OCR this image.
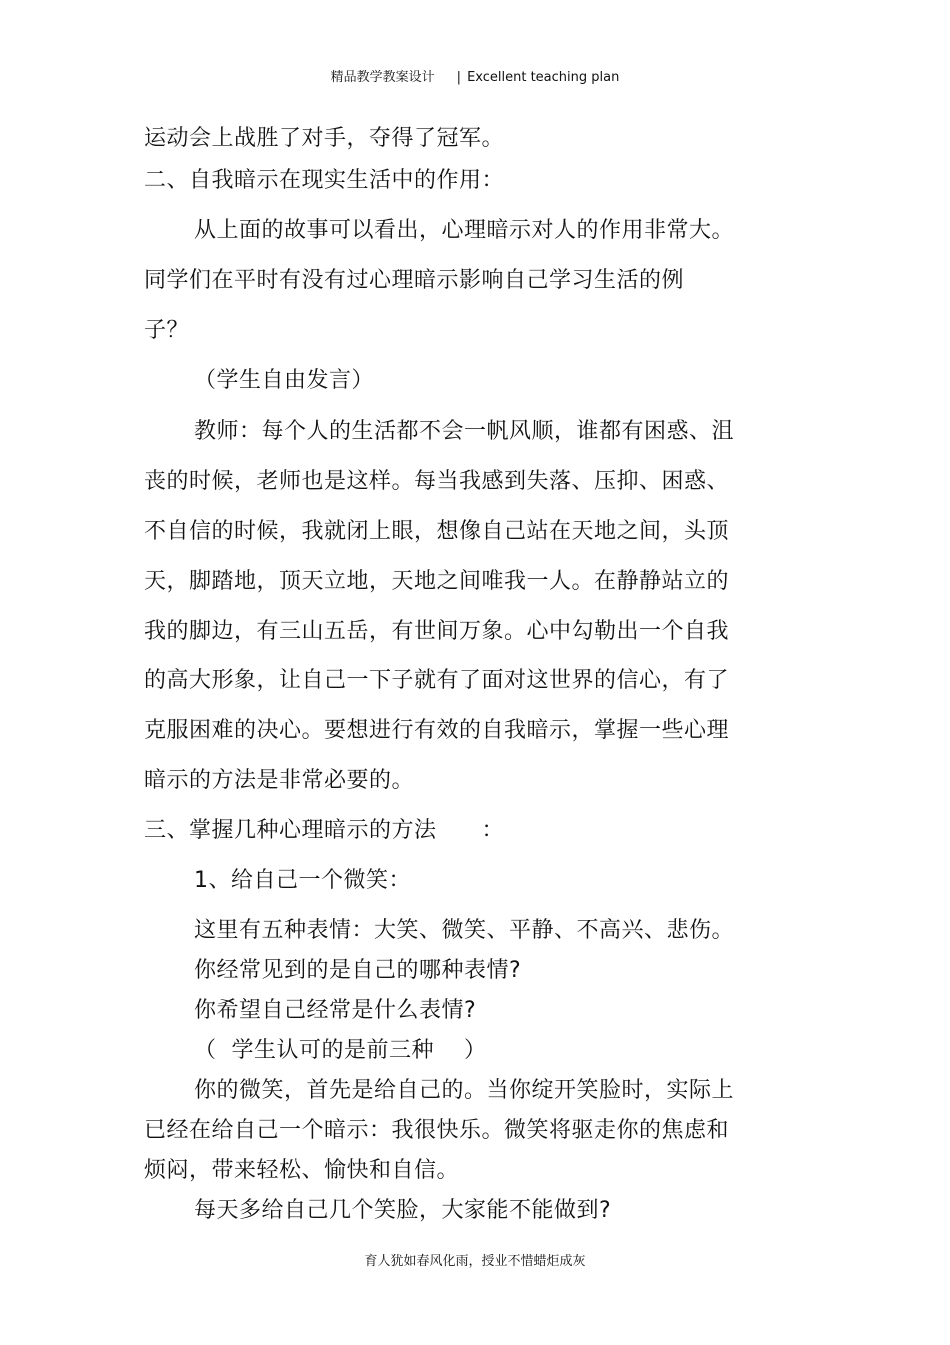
精品教学教案设计 | Excellent teaching plan
运动会上战胜了对手，夺得了冠军。
二、自我暗示在现实生活中的作用：
从上面的故事可以看出，心理暗示对人的作用非常大。
同学们在平时有没有过心理暗示影响自己学习生活的例
子？
（学生自由发言）
教师：每个人的生活都不会一帆风顺，谁都有困惑、沮
丧的时候，老师也是这样。每当我感到失落、压抑、困惑、
不自信的时候，我就闭上眼，想像自己站在天地之间，头顶
天，脚踏地，顶天立地，天地之间唯我一人。在静静站立的
我的脚边，有三山五岳，有世间万象。心中勾勒出一个自我
的高大形象，让自己一下子就有了面对这世界的信心，有了
克服困难的决心。要想进行有效的自我暗示，掌握一些心理
暗示的方法是非常必要的。
三、掌握几种心理暗示的方法      ：
1、给自己一个微笑：
这里有五种表情：大笑、微笑、平静、不高兴、悲伤。
你经常见到的是自己的哪种表情?
你希望自己经常是什么表情?
（  学生认可的是前三种    ）
你的微笑，首先是给自己的。当你绽开笑脸时，实际上
已经在给自己一个暗示：我很快乐。微笑将驱走你的焦虑和
烦闷，带来轻松、愉快和自信。
每天多给自己几个笑脸，大家能不能做到?
育人犹如春风化雨，授业不惜蜡炬成灰
